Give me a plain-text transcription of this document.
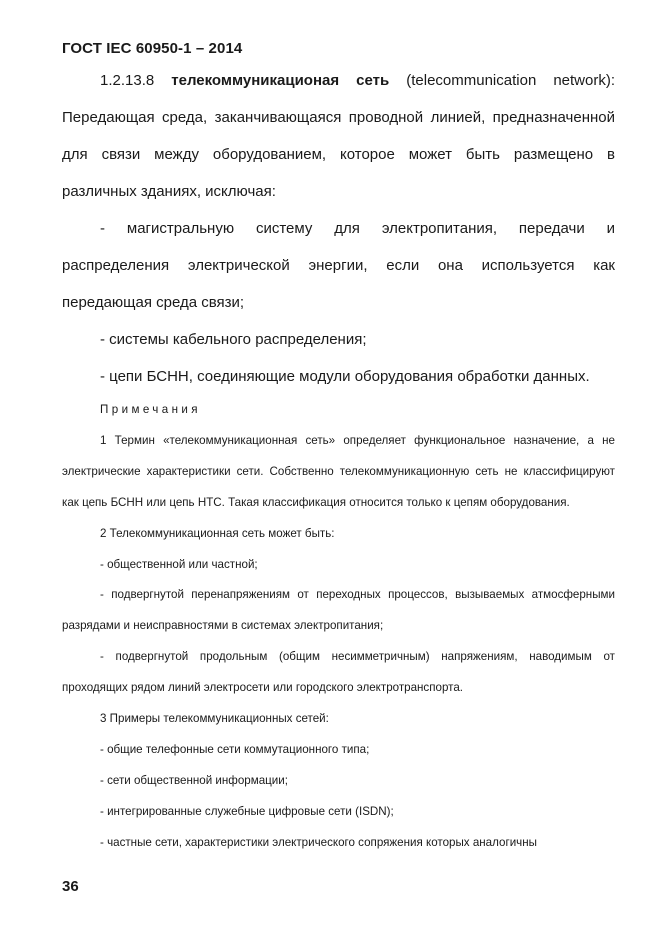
ГОСТ IEC 60950-1 – 2014

1.2.13.8 телекоммуникационая сеть (telecommunication network): Передающая среда, заканчивающаяся проводной линией, предназначенной для связи между оборудованием, которое может быть размещено в различных зданиях, исключая:

- магистральную систему для электропитания, передачи и распределения электрической энергии, если она используется как передающая среда связи;

- системы кабельного распределения;

- цепи БСНН, соединяющие модули оборудования обработки данных.

Примечания

1 Термин «телекоммуникационная сеть» определяет функциональное назначение, а не электрические характеристики сети. Собственно телекоммуникационную сеть не классифицируют как цепь БСНН или цепь НТС. Такая классификация относится только к цепям оборудования.

2 Телекоммуникационная сеть может быть:

- общественной или частной;

- подвергнутой перенапряжениям от переходных процессов, вызываемых атмосферными разрядами и неисправностями в системах электропитания;

- подвергнутой продольным (общим несимметричным) напряжениям, наводимым от проходящих рядом линий электросети или городского электротранспорта.

3 Примеры телекоммуникационных сетей:

- общие телефонные сети коммутационного типа;

- сети общественной информации;

- интегрированные служебные цифровые сети (ISDN);

- частные сети, характеристики электрического сопряжения которых аналогичны

36
